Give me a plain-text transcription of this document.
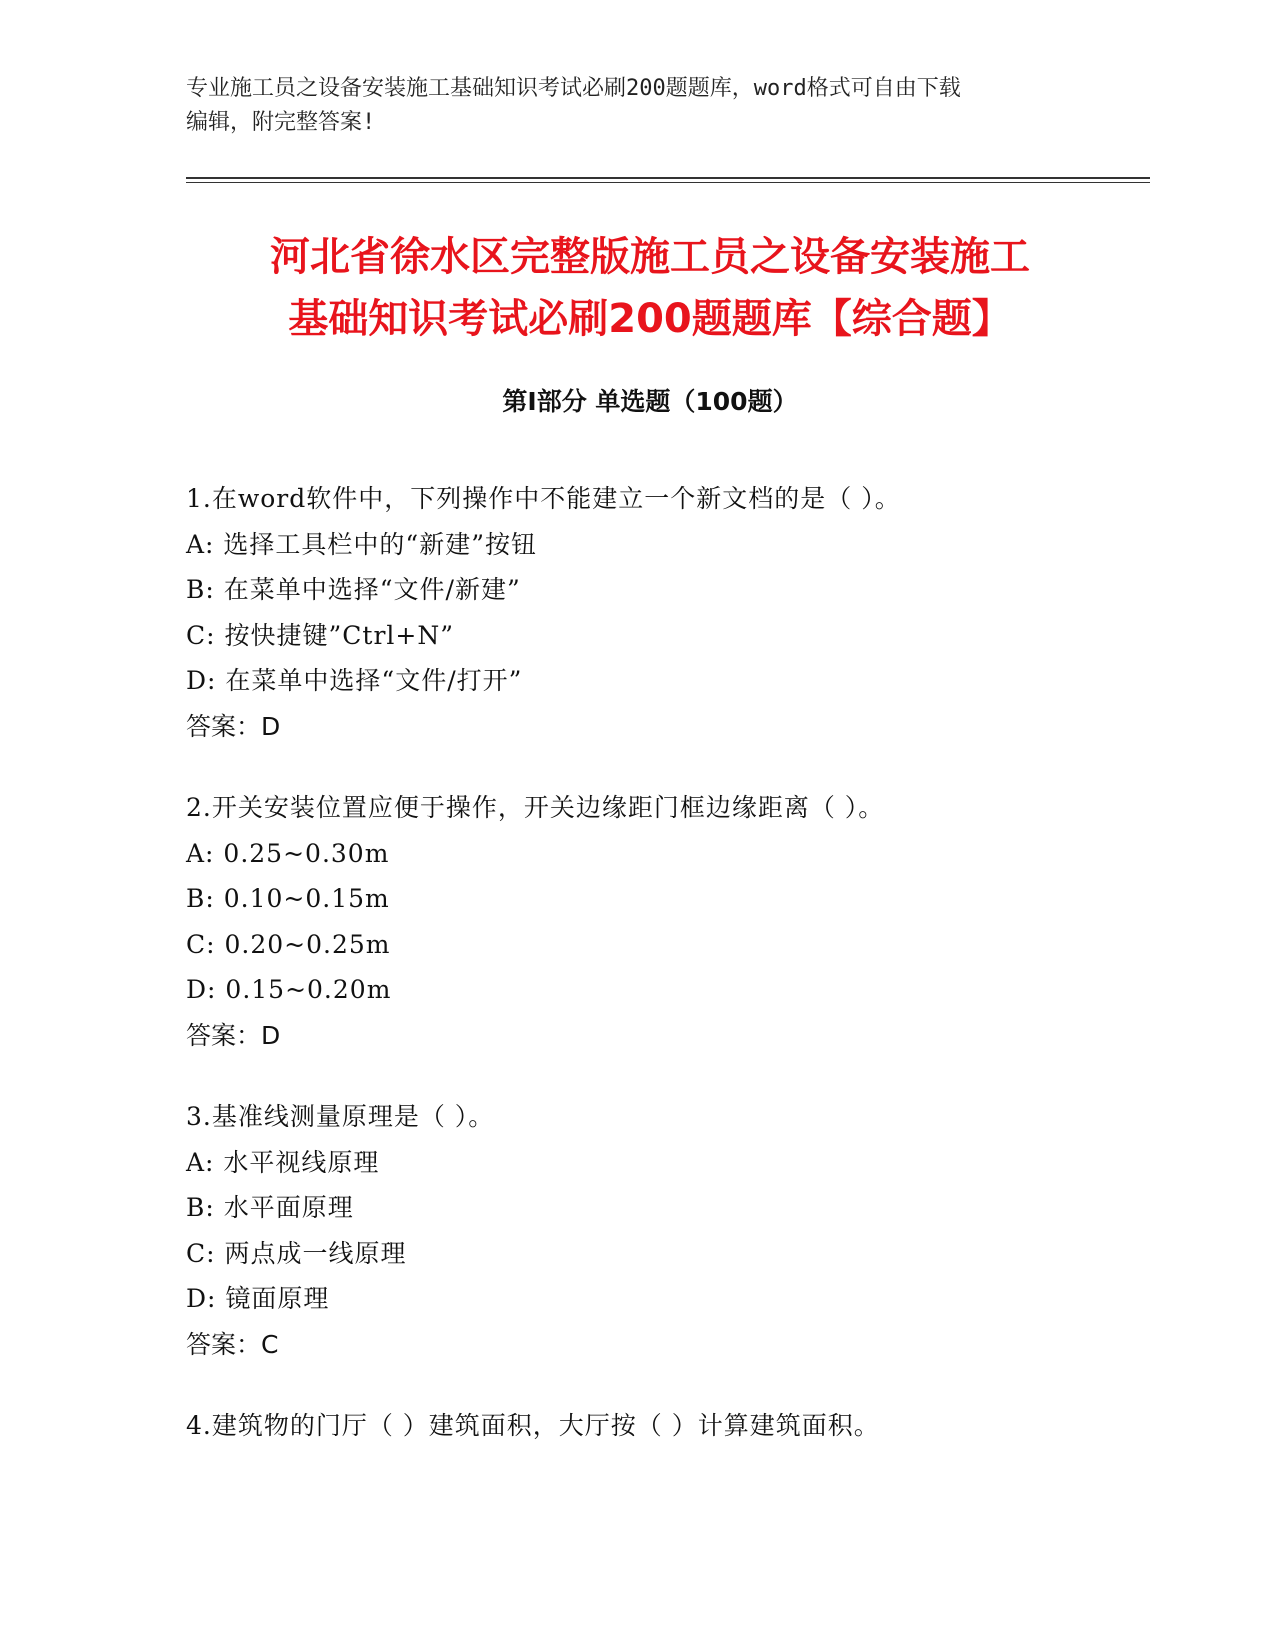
专业施工员之设备安装施工基础知识考试必刷200题题库，word格式可自由下载
编辑，附完整答案!
河北省徐水区完整版施工员之设备安装施工
基础知识考试必刷200题题库【综合题】
第I部分 单选题（100题）
1.在word软件中，下列操作中不能建立一个新文档的是（ ）。
A: 选择工具栏中的“新建”按钮
B: 在菜单中选择“文件/新建”
C: 按快捷键”Ctrl+N”
D: 在菜单中选择“文件/打开”
答案：D
2.开关安装位置应便于操作，开关边缘距门框边缘距离（ ）。
A: 0.25~0.30m
B: 0.10~0.15m
C: 0.20~0.25m
D: 0.15~0.20m
答案：D
3.基准线测量原理是（ ）。
A: 水平视线原理
B: 水平面原理
C: 两点成一线原理
D: 镜面原理
答案：C
4.建筑物的门厅（ ）建筑面积，大厅按（ ）计算建筑面积。
